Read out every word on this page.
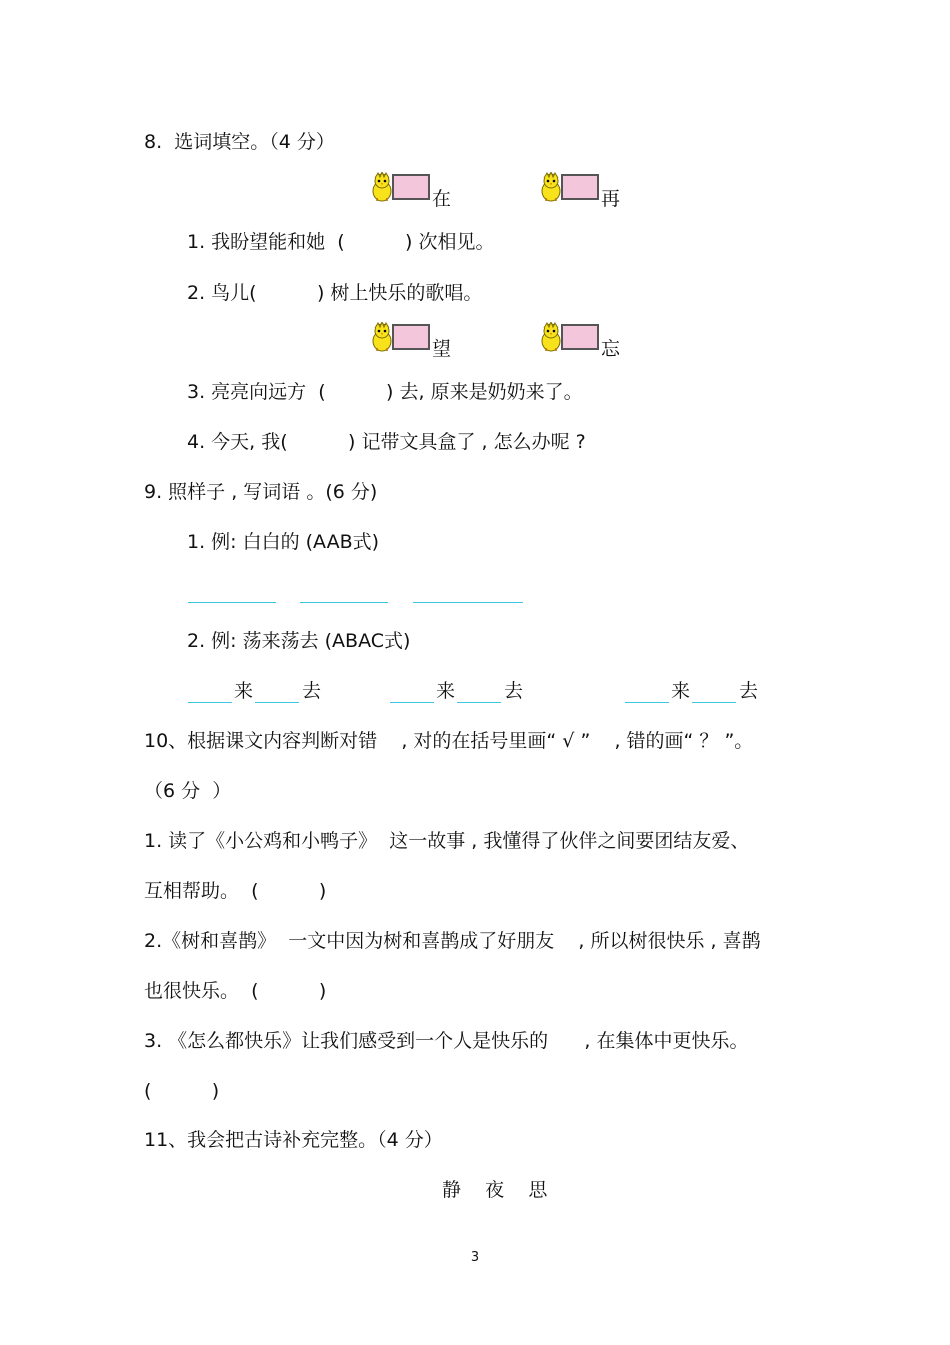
8.  选词填空。（4 分）
在	再
1. 我盼望能和她  (          ) 次相见。
2. 鸟儿(          ) 树上快乐的歌唱。
望	忘
3. 亮亮向远方  (          ) 去, 原来是奶奶来了。
4. 今天, 我(          ) 记带文具盒了 , 怎么办呢 ?
9. 照样子 , 写词语 。(6 分)
1. 例: 白白的 (AAB式)
2. 例: 荡来荡去 (ABAC式)
来	去	来	去	来	去
10、根据课文内容判断对错    , 对的在括号里画“ √ ”    , 错的画“ ？ ”。
（6 分  ）
1. 读了《小公鸡和小鸭子》  这一故事 , 我懂得了伙伴之间要团结友爱、
互相帮助。  (          )
2.《树和喜鹊》  一文中因为树和喜鹊成了好朋友    , 所以树很快乐 , 喜鹊
也很快乐。  (          )
3. 《怎么都快乐》让我们感受到一个人是快乐的      , 在集体中更快乐。
(          )
11、我会把古诗补充完整。（4 分）
静    夜    思
3
